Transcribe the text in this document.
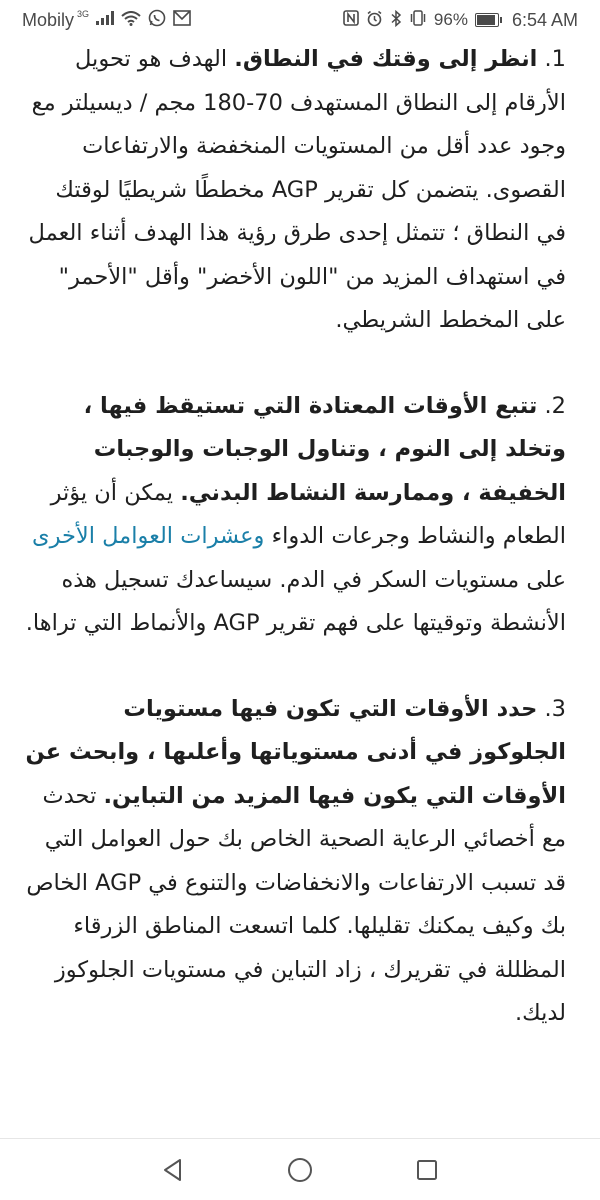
Mobily 3G	96% 6:54 AM

1. انظر إلى وقتك في النطاق. الهدف هو تحويل الأرقام إلى النطاق المستهدف 70-180 مجم / ديسيلتر مع وجود عدد أقل من المستويات المنخفضة والارتفاعات القصوى. يتضمن كل تقرير AGP مخططًا شريطيًا لوقتك في النطاق ؛ تتمثل إحدى طرق رؤية هذا الهدف أثناء العمل في استهداف المزيد من "اللون الأخضر" وأقل "الأحمر" على المخطط الشريطي.

2. تتبع الأوقات المعتادة التي تستيقظ فيها ، وتخلد إلى النوم ، وتناول الوجبات والوجبات الخفيفة ، وممارسة النشاط البدني. يمكن أن يؤثر الطعام والنشاط وجرعات الدواء وعشرات العوامل الأخرى على مستويات السكر في الدم. سيساعدك تسجيل هذه الأنشطة وتوقيتها على فهم تقرير AGP والأنماط التي تراها.

3. حدد الأوقات التي تكون فيها مستويات الجلوكوز في أدنى مستوياتها وأعلىها ، وابحث عن الأوقات التي يكون فيها المزيد من التباين. تحدث مع أخصائي الرعاية الصحية الخاص بك حول العوامل التي قد تسبب الارتفاعات والانخفاضات والتنوع في AGP الخاص بك وكيف يمكنك تقليلها. كلما اتسعت المناطق الزرقاء المظللة في تقريرك ، زاد التباين في مستويات الجلوكوز لديك.
